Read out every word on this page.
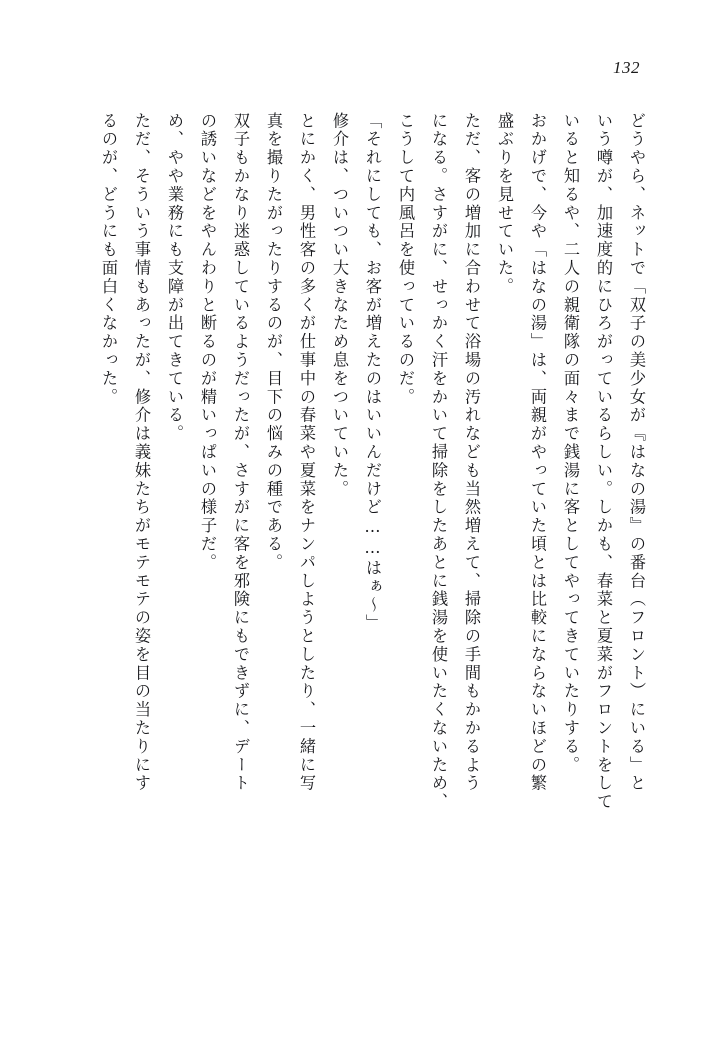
132
どうやら、ネットで「双子の美少女が『はなの湯』の番台（フロント）にいる」と
いう噂が、加速度的にひろがっているらしい。しかも、春菜と夏菜がフロントをして
いると知るや、二人の親衛隊の面々まで銭湯に客としてやってきていたりする。
おかげで、今や「はなの湯」は、両親がやっていた頃とは比較にならないほどの繁
盛ぶりを見せていた。
ただ、客の増加に合わせて浴場の汚れなども当然増えて、掃除の手間もかかるよう
になる。さすがに、せっかく汗をかいて掃除をしたあとに銭湯を使いたくないため、
こうして内風呂を使っているのだ。
「それにしても、お客が増えたのはいいんだけど……はぁ～」
修介は、ついつい大きなため息をついていた。
とにかく、男性客の多くが仕事中の春菜や夏菜をナンパしようとしたり、一緒に写
真を撮りたがったりするのが、目下の悩みの種である。
双子もかなり迷惑しているようだったが、さすがに客を邪険にもできずに、デート
の誘いなどをやんわりと断るのが精いっぱいの様子だ。
め、やや業務にも支障が出てきている。
ただ、そういう事情もあったが、修介は義妹たちがモテモテの姿を目の当たりにす
るのが、どうにも面白くなかった。
